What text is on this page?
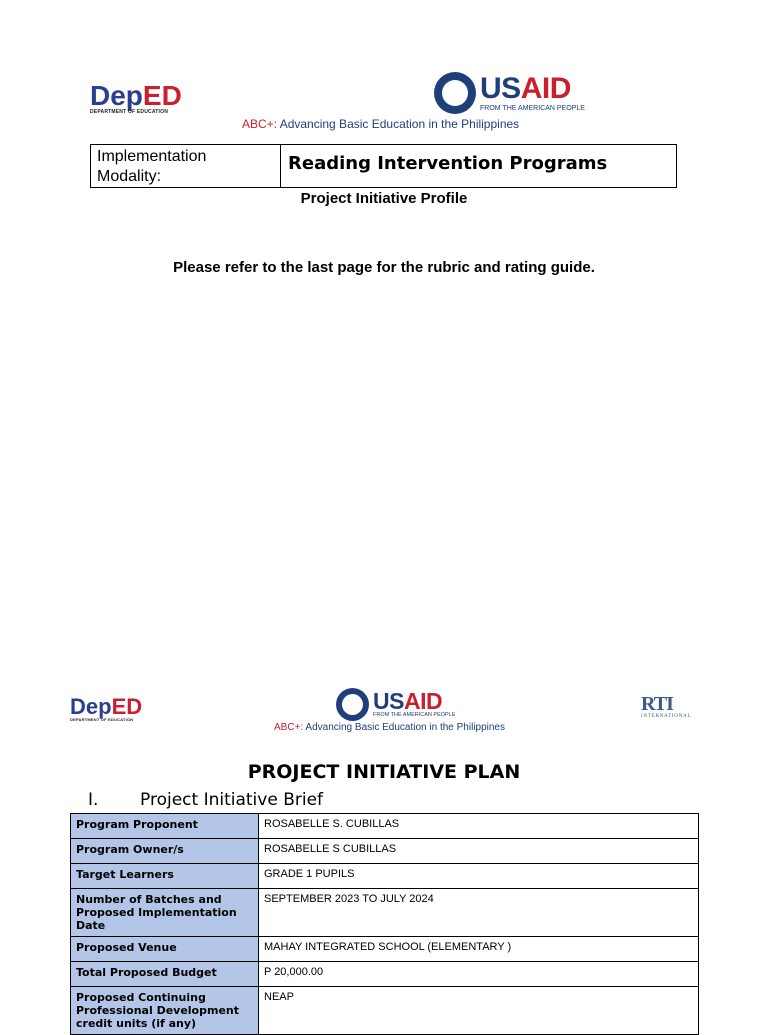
Dep ED
DEPARTMENT OF EDUCATION
USAID
FROM THE AMERICAN PEOPLE
ABC+: Advancing Basic Education in the Philippines
Implementation Modality:
Reading Intervention Programs
Project Initiative Profile
Please refer to the last page for the rubric and rating guide.
Dep ED
DEPARTMENT OF EDUCATION
USAID
FROM THE AMERICAN PEOPLE
RTI
INTERNATIONAL
ABC+: Advancing Basic Education in the Philippines
PROJECT INITIATIVE PLAN
I. Project Initiative Brief
Program Proponent	ROSABELLE S. CUBILLAS
Program Owner/s	ROSABELLE S CUBILLAS
Target Learners	GRADE 1 PUPILS
Number of Batches and Proposed Implementation Date	SEPTEMBER 2023 TO JULY 2024
Proposed Venue	MAHAY INTEGRATED SCHOOL (ELEMENTARY )
Total Proposed Budget	P 20,000.00
Proposed Continuing Professional Development credit units (if any)	NEAP
